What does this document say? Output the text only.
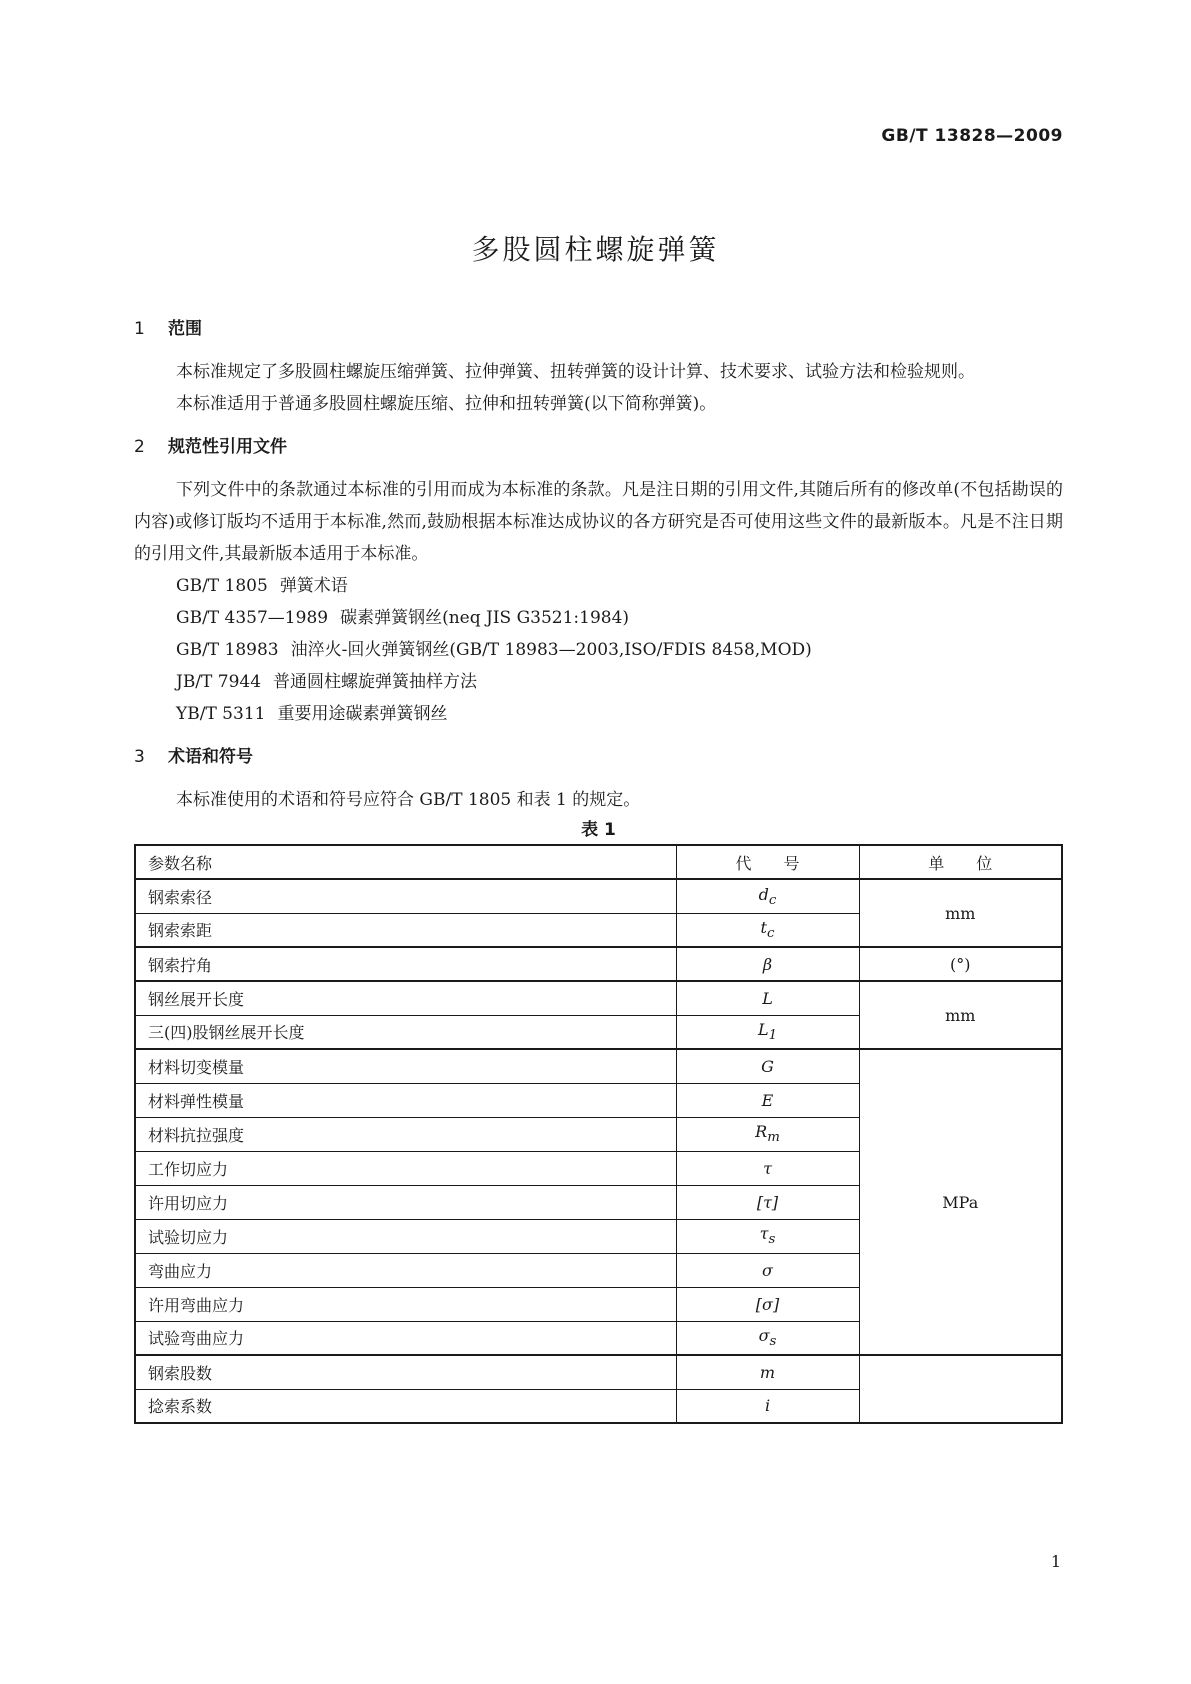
GB/T 13828—2009
多股圆柱螺旋弹簧
1 范围
本标准规定了多股圆柱螺旋压缩弹簧、拉伸弹簧、扭转弹簧的设计计算、技术要求、试验方法和检验规则。
本标准适用于普通多股圆柱螺旋压缩、拉伸和扭转弹簧(以下简称弹簧)。
2 规范性引用文件
下列文件中的条款通过本标准的引用而成为本标准的条款。凡是注日期的引用文件,其随后所有的修改单(不包括勘误的内容)或修订版均不适用于本标准,然而,鼓励根据本标准达成协议的各方研究是否可使用这些文件的最新版本。凡是不注日期的引用文件,其最新版本适用于本标准。
GB/T 1805 弹簧术语
GB/T 4357—1989 碳素弹簧钢丝(neq JIS G3521:1984)
GB/T 18983 油淬火-回火弹簧钢丝(GB/T 18983—2003,ISO/FDIS 8458,MOD)
JB/T 7944 普通圆柱螺旋弹簧抽样方法
YB/T 5311 重要用途碳素弹簧钢丝
3 术语和符号
本标准使用的术语和符号应符合 GB/T 1805 和表 1 的规定。
表 1
参数名称	代　　号	单　　位
钢索索径	$d_c$	mm
钢索索距	$t_c$
钢索拧角	β	(°)
钢丝展开长度	L	mm
三(四)股钢丝展开长度	$L_1$
材料切变模量	G	MPa
材料弹性模量	E	
材料抗拉强度	$R_m$
工作切应力	τ	
许用切应力	[τ]	
试验切应力	$\tau_s$
弯曲应力	σ	
许用弯曲应力	[σ]	
试验弯曲应力	$\sigma_s$
钢索股数	m	
捻索系数	i	
1
